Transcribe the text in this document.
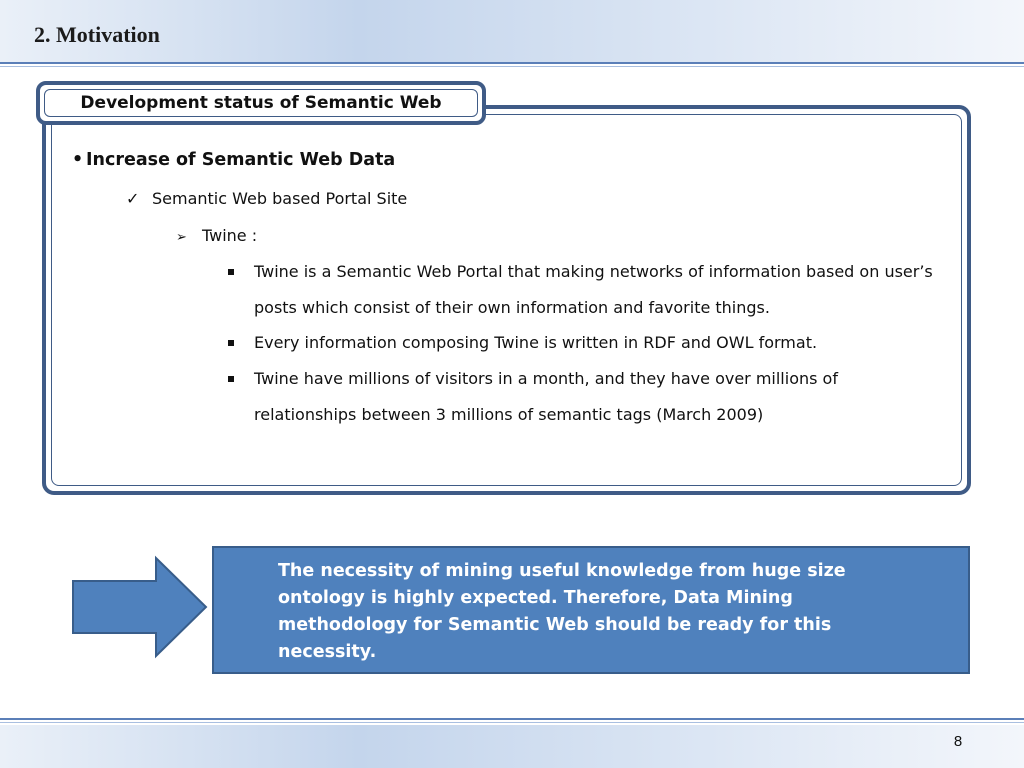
2. Motivation
Development status of Semantic Web
• Increase of Semantic Web Data
✓ Semantic Web based Portal Site
➢ Twine :
Twine is a Semantic Web Portal that making networks of information based on user’s posts which consist of their own information and favorite things.
Every information composing Twine is written in RDF and OWL format.
Twine have millions of visitors in a month, and they have over millions of relationships between 3 millions of semantic tags (March 2009)
The necessity of mining useful knowledge from huge size ontology is highly expected. Therefore, Data Mining methodology for Semantic Web should be ready for this necessity.
8
